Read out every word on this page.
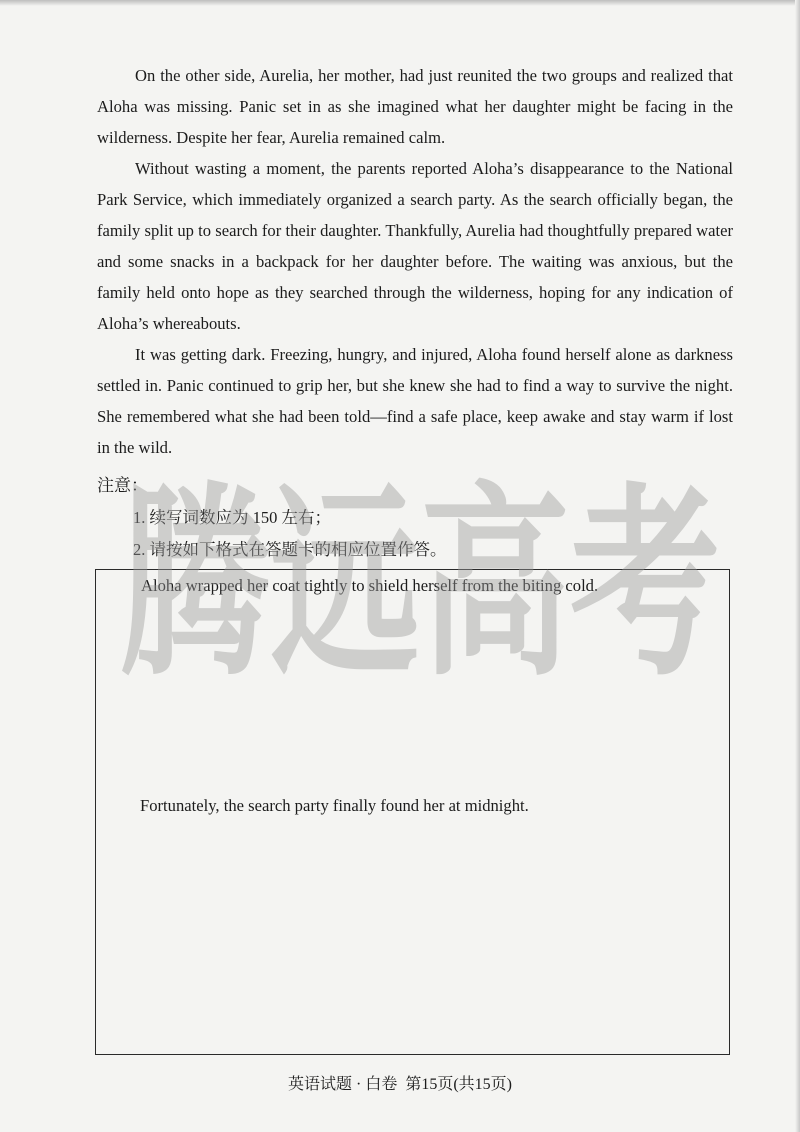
On the other side, Aurelia, her mother, had just reunited the two groups and realized that Aloha was missing. Panic set in as she imagined what her daughter might be facing in the wilderness. Despite her fear, Aurelia remained calm.

Without wasting a moment, the parents reported Aloha’s disappearance to the National Park Service, which immediately organized a search party. As the search officially began, the family split up to search for their daughter. Thankfully, Aurelia had thoughtfully prepared water and some snacks in a backpack for her daughter before. The waiting was anxious, but the family held onto hope as they searched through the wilderness, hoping for any indication of Aloha’s whereabouts.

It was getting dark. Freezing, hungry, and injured, Aloha found herself alone as darkness settled in. Panic continued to grip her, but she knew she had to find a way to survive the night. She remembered what she had been told—find a safe place, keep awake and stay warm if lost in the wild.

注意：

1. 续写词数应为 150 左右；

2. 请按如下格式在答题卡的相应位置作答。

Aloha wrapped her coat tightly to shield herself from the biting cold.

Fortunately, the search party finally found her at midnight.

腾远高考

英语试题 · 白卷 第15页(共15页)
